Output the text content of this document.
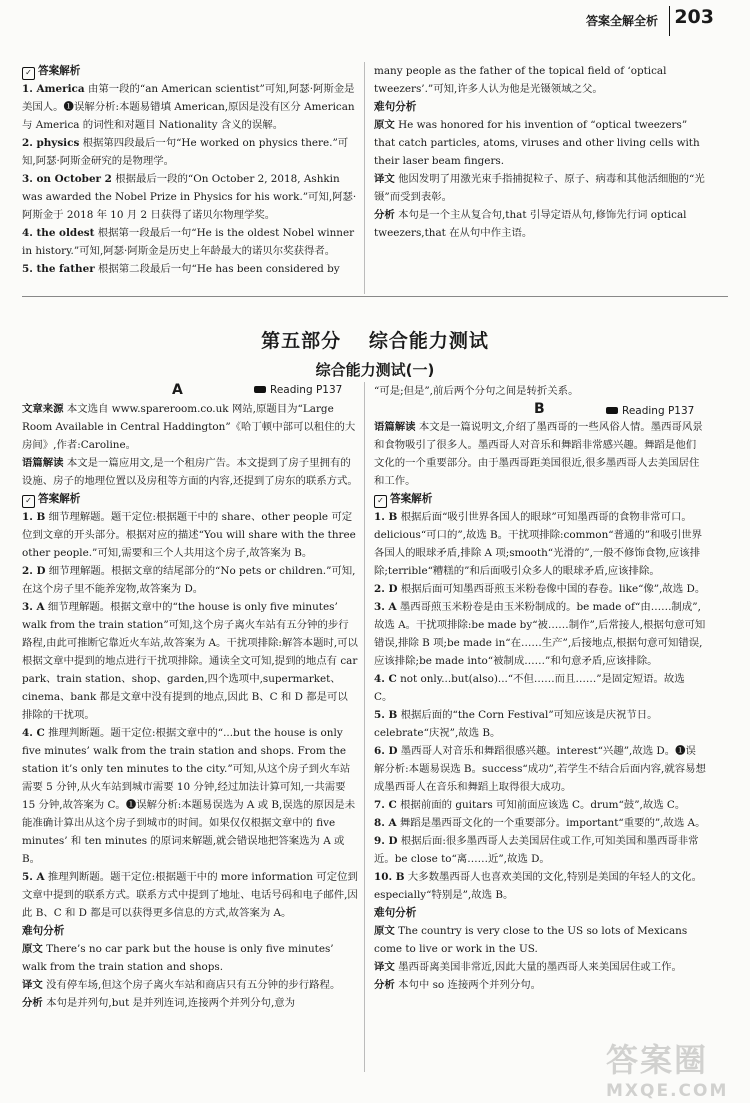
答案全解全析 203

✓ 答案解析

1. America 由第一段的“an American scientist”可知,阿瑟·阿斯金是美国人。❶误解分析:本题易错填 American,原因是没有区分 American 与 America 的词性和对题目 Nationality 含义的误解。

2. physics 根据第四段最后一句“He worked on physics there.”可知,阿瑟·阿斯金研究的是物理学。

3. on October 2 根据最后一段的“On October 2, 2018, Ashkin was awarded the Nobel Prize in Physics for his work.”可知,阿瑟·阿斯金于 2018 年 10 月 2 日获得了诺贝尔物理学奖。

4. the oldest 根据第一段最后一句“He is the oldest Nobel winner in history.”可知,阿瑟·阿斯金是历史上年龄最大的诺贝尔奖获得者。

5. the father 根据第二段最后一句“He has been considered by

many people as the father of the topical field of ‘optical tweezers’.”可知,许多人认为他是光镊领域之父。

难句分析

原文 He was honored for his invention of “optical tweezers” that catch particles, atoms, viruses and other living cells with their laser beam fingers.

译文 他因发明了用激光束手指捕捉粒子、原子、病毒和其他活细胞的“光镊”而受到表彰。

分析 本句是一个主从复合句,that 引导定语从句,修饰先行词 optical tweezers,that 在从句中作主语。

第五部分 综合能力测试
综合能力测试(一)
A	Reading P137

文章来源 本文选自 www.spareroom.co.uk 网站,原题目为“Large Room Available in Central Haddington”《哈丁顿中部可以租住的大房间》,作者:Caroline。

语篇解读 本文是一篇应用文,是一个租房广告。本文提到了房子里拥有的设施、房子的地理位置以及房租等方面的内容,还提到了房东的联系方式。

✓ 答案解析

1. B 细节理解题。题干定位:根据题干中的 share、other people 可定位到文章的开头部分。根据对应的描述“You will share with the three other people.”可知,需要和三个人共用这个房子,故答案为 B。

2. D 细节理解题。根据文章的结尾部分的“No pets or children.”可知,在这个房子里不能养宠物,故答案为 D。

3. A 细节理解题。根据文章中的“the house is only five minutes’ walk from the train station”可知,这个房子离火车站有五分钟的步行路程,由此可推断它靠近火车站,故答案为 A。干扰项排除:解答本题时,可以根据文章中提到的地点进行干扰项排除。通读全文可知,提到的地点有 car park、train station、shop、garden,四个选项中,supermarket、cinema、bank 都是文章中没有提到的地点,因此 B、C 和 D 都是可以排除的干扰项。

4. C 推理判断题。题干定位:根据文章中的“...but the house is only five minutes’ walk from the train station and shops. From the station it’s only ten minutes to the city.”可知,从这个房子到火车站需要 5 分钟,从火车站到城市需要 10 分钟,经过加法计算可知,一共需要 15 分钟,故答案为 C。❶误解分析:本题易误选为 A 或 B,误选的原因是未能准确计算出从这个房子到城市的时间。如果仅仅根据文章中的 five minutes’ 和 ten minutes 的原词来解题,就会错误地把答案选为 A 或 B。

5. A 推理判断题。题干定位:根据题干中的 more information 可定位到文章中提到的联系方式。联系方式中提到了地址、电话号码和电子邮件,因此 B、C 和 D 都是可以获得更多信息的方式,故答案为 A。

难句分析

原文 There’s no car park but the house is only five minutes’ walk from the train station and shops.

译文 没有停车场,但这个房子离火车站和商店只有五分钟的步行路程。

分析 本句是并列句,but 是并列连词,连接两个并列分句,意为

“可是;但是”,前后两个分句之间是转折关系。

B	Reading P137

语篇解读 本文是一篇说明文,介绍了墨西哥的一些风俗人情。墨西哥风景和食物吸引了很多人。墨西哥人对音乐和舞蹈非常感兴趣。舞蹈是他们文化的一个重要部分。由于墨西哥距美国很近,很多墨西哥人去美国居住和工作。

✓ 答案解析

1. B 根据后面“吸引世界各国人的眼球”可知墨西哥的食物非常可口。delicious“可口的”,故选 B。干扰项排除:common“普通的”和吸引世界各国人的眼球矛盾,排除 A 项;smooth“光滑的”,一般不修饰食物,应该排除;terrible“糟糕的”和后面吸引众多人的眼球矛盾,应该排除。

2. D 根据后面可知墨西哥煎玉米粉卷像中国的春卷。like“像”,故选 D。

3. A 墨西哥煎玉米粉卷是由玉米粉制成的。be made of“由……制成”,故选 A。干扰项排除:be made by“被……制作”,后常接人,根据句意可知错误,排除 B 项;be made in“在……生产”,后接地点,根据句意可知错误,应该排除;be made into“被制成……”和句意矛盾,应该排除。

4. C not only...but(also)...“不但……而且……”是固定短语。故选 C。

5. B 根据后面的“the Corn Festival”可知应该是庆祝节日。celebrate“庆祝”,故选 B。

6. D 墨西哥人对音乐和舞蹈很感兴趣。interest“兴趣”,故选 D。❶误解分析:本题易误选 B。success“成功”,若学生不结合后面内容,就容易想成墨西哥人在音乐和舞蹈上取得很大成功。

7. C 根据前面的 guitars 可知前面应该选 C。drum“鼓”,故选 C。

8. A 舞蹈是墨西哥文化的一个重要部分。important“重要的”,故选 A。

9. D 根据后面:很多墨西哥人去美国居住或工作,可知美国和墨西哥非常近。be close to“离……近”,故选 D。

10. B 大多数墨西哥人也喜欢美国的文化,特别是美国的年轻人的文化。especially“特别是”,故选 B。

难句分析

原文 The country is very close to the US so lots of Mexicans come to live or work in the US.

译文 墨西哥离美国非常近,因此大量的墨西哥人来美国居住或工作。

分析 本句中 so 连接两个并列分句。

答案圈
MXQE.COM
